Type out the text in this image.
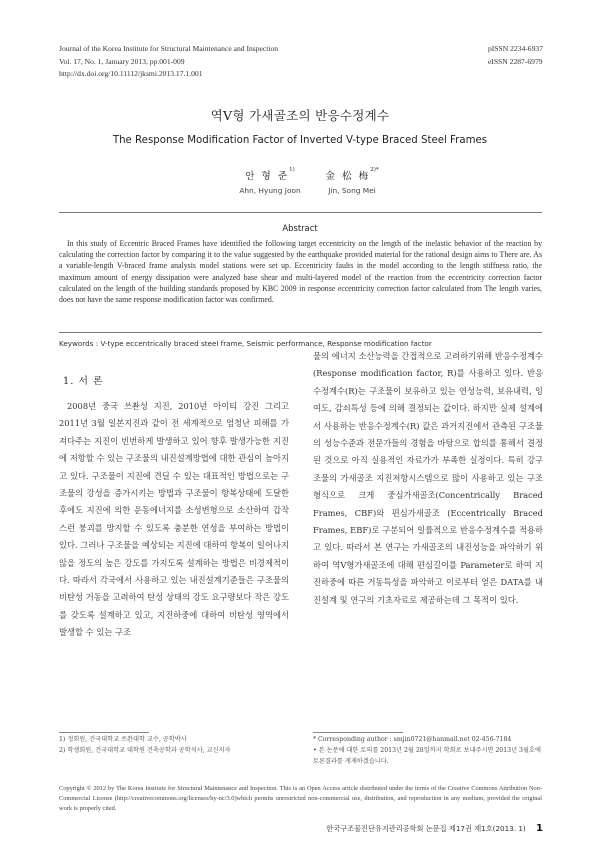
Journal of the Korea Institute for Structural Maintenance and Inspection
Vol. 17, No. 1, January 2013, pp.001-009
http://dx.doi.org/10.11112/jksmi.2013.17.1.001
pISSN 2234-6937
eISSN 2287-6979
역V형 가새골조의 반응수정계수
The Response Modification Factor of Inverted V-type Braced Steel Frames
안 형 준$^{1)}$
Ahn, Hyung Joon
金 松 梅$^{2)*}$
Jin, Song Mei
Abstract
In this study of Eccentric Braced Frames have identified the following target eccentricity on the length of the inelastic behavior of the reaction by calculating the correction factor by comparing it to the value suggested by the earthquake provided material for the rational design aims to There are. As a variable-length V-braced frame analysis model stations were set up. Eccentricity faults in the model according to the length stiffness ratio, the maximum amount of energy dissipation were analyzed base shear and multi-layered model of the reaction from the eccentricity correction factor calculated on the length of the building standards proposed by KBC 2009 in response eccentricity correction factor calculated from The length varies, does not have the same response modification factor was confirmed.
Keywords : V-type eccentrically braced steel frame, Seismic performance, Response modification factor
1. 서 론

2008년 중국 쓰촨성 지진, 2010년 아이티 강진 그리고 2011년 3월 일본지진과 같이 전 세계적으로 엄청난 피해를 가져다주는 지진이 빈번하게 발생하고 있어 향후 발생가능한 지진에 저항할 수 있는 구조물의 내진설계방법에 대한 관심이 높아지고 있다. 구조물이 지진에 견딜 수 있는 대표적인 방법으로는 구조물의 강성을 증가시키는 방법과 구조물이 항복상태에 도달한 후에도 지진에 의한 운동에너지를 소성변형으로 소산하여 갑작스런 붕괴를 방지할 수 있도록 충분한 연성을 부여하는 방법이 있다. 그러나 구조물을 예상되는 지진에 대하여 항복이 일어나지 않을 정도의 높은 강도를 가지도록 설계하는 방법은 비경제적이다. 따라서 각국에서 사용하고 있는 내진설계기준들은 구조물의 비탄성 거동을 고려하여 탄성 상태의 강도 요구량보다 작은 강도를 갖도록 설계하고 있고, 지진하중에 대하여 비탄성 영역에서 발생할 수 있는 구조

물의 에너지 소산능력을 간접적으로 고려하기위해 반응수정계수(Response modification factor, R)를 사용하고 있다. 반응수정계수(R)는 구조물이 보유하고 있는 연성능력, 보유내력, 잉여도, 감쇠특성 등에 의해 결정되는 값이다. 하지만 실제 설계에서 사용하는 반응수정계수(R) 값은 과거지진에서 관측된 구조물의 성능수준과 전문가들의 경험을 바탕으로 합의를 통해서 결정된 것으로 아직 실용적인 자료가가 부족한 실정이다. 특히 강구조물의 가새골조 지진저항시스템으로 많이 사용하고 있는 구조형식으로 크게 중심가새골조(Concentrically Braced Frames, CBF)와 편심가새골조 (Eccentrically Braced Frames, EBF)로 구분되어 일률적으로 반응수정계수를 적용하고 있다. 따라서 본 연구는 가새골조의 내진성능을 파악하기 위하여 역V형가새골조에 대해 편심길이를 Parameter로 하여 지진하중에 따른 거동특성을 파악하고 이로부터 얻은 DATA를 내진설계 및 연구의 기초자료로 제공하는데 그 목적이 있다.

1) 정회원, 건국대학교 쓰촨대학 교수, 공학박사
2) 학생회원, 건국대학교 대학원 건축공학과 공학석사, 교신저자
* Corresponding author : smjin0721@hanmail.net 02-456-7184
• 본 논문에 대한 토의를 2013년 2월 28일까지 학회로 보내주시면 2013년 3월호에 토론결과를 게재하겠습니다.
Copyright © 2012 by The Korea Institute for Structural Maintenance and Inspection. This is an Open Access article distributed under the terms of the Creative Commons Attribution Non-Commercial License (http://creativecommons.org/licenses/by-nc/3.0)which permits unrestricted non-commercial use, distribution, and reproduction in any medium, provided the original work is properly cited.
한국구조물진단유지관리공학회 논문집 제17권 제1호(2013. 1) 1
